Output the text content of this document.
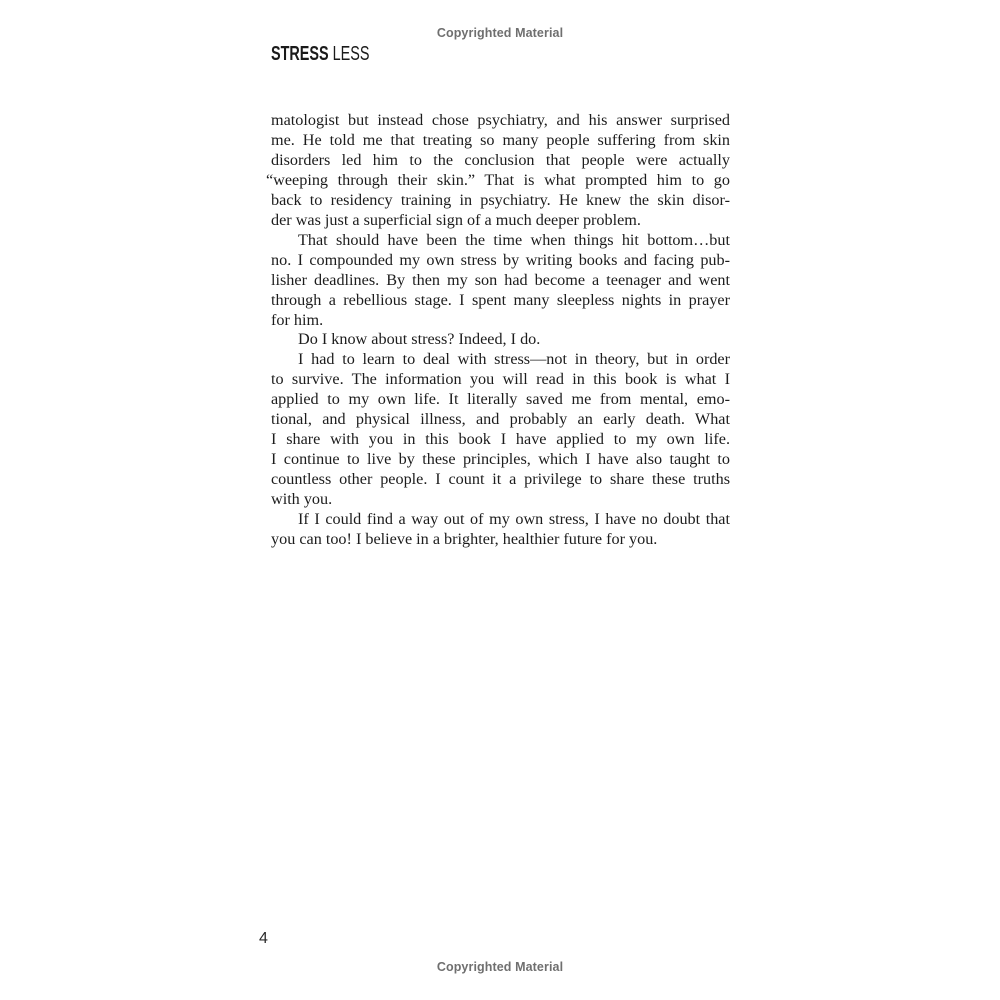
Copyrighted Material
STRESS LESS
matologist but instead chose psychiatry, and his answer surprised
me. He told me that treating so many people suffering from skin
disorders led him to the conclusion that people were actually
“weeping through their skin.” That is what prompted him to go
back to residency training in psychiatry. He knew the skin disor-
der was just a superficial sign of a much deeper problem.
That should have been the time when things hit bottom…but
no. I compounded my own stress by writing books and facing pub-
lisher deadlines. By then my son had become a teenager and went
through a rebellious stage. I spent many sleepless nights in prayer
for him.
Do I know about stress? Indeed, I do.
I had to learn to deal with stress—not in theory, but in order
to survive. The information you will read in this book is what I
applied to my own life. It literally saved me from mental, emo-
tional, and physical illness, and probably an early death. What
I share with you in this book I have applied to my own life.
I continue to live by these principles, which I have also taught to
countless other people. I count it a privilege to share these truths
with you.
If I could find a way out of my own stress, I have no doubt that
you can too! I believe in a brighter, healthier future for you.
4
Copyrighted Material
